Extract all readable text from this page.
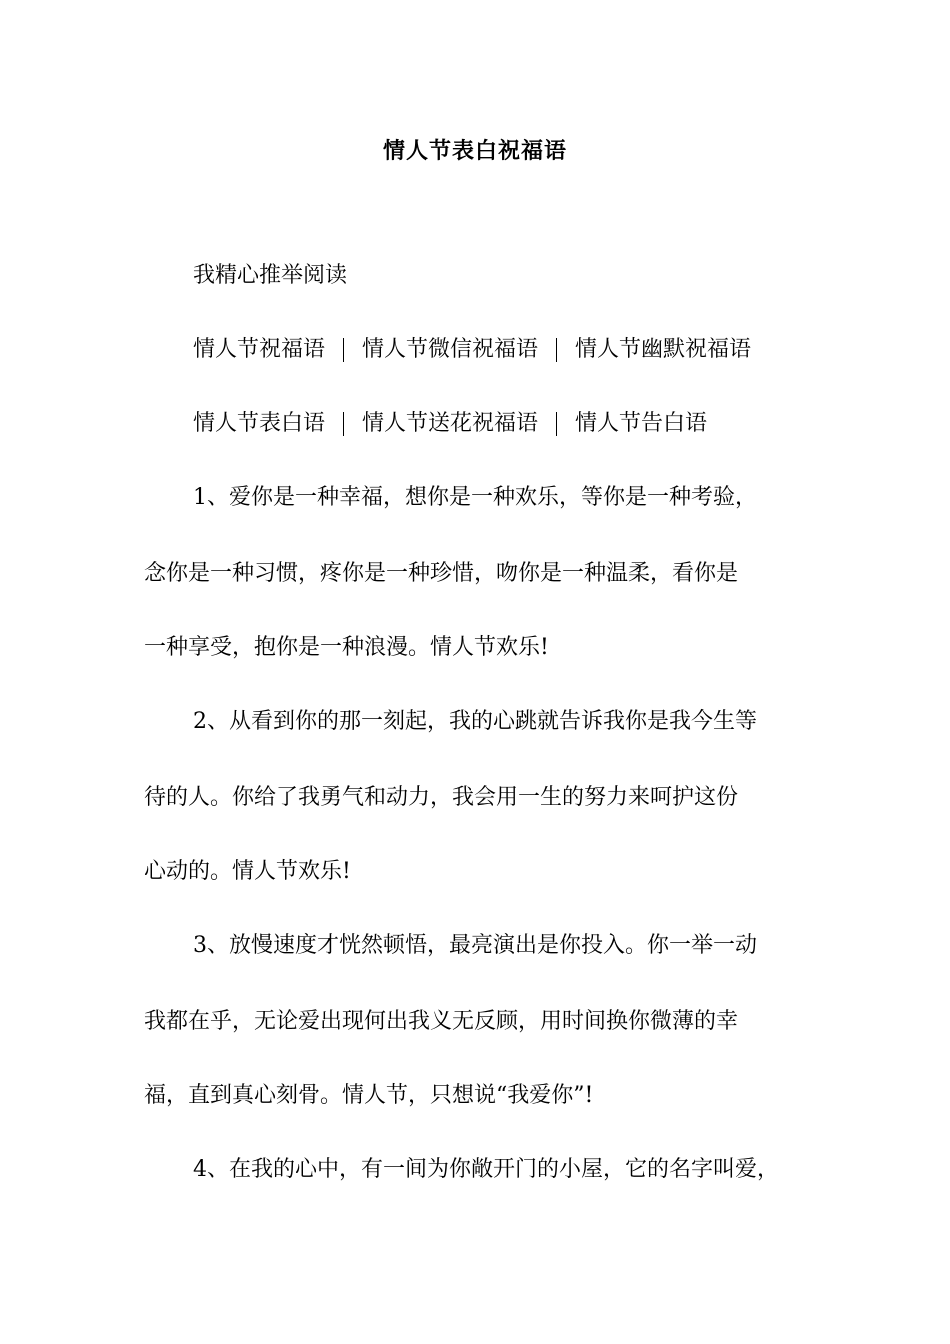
情人节表白祝福语
我精心推举阅读
情人节祝福语 情人节微信祝福语 情人节幽默祝福语
情人节表白语 情人节送花祝福语 情人节告白语
1、爱你是一种幸福，想你是一种欢乐，等你是一种考验，
念你是一种习惯，疼你是一种珍惜，吻你是一种温柔，看你是
一种享受，抱你是一种浪漫。情人节欢乐!
2、从看到你的那一刻起，我的心跳就告诉我你是我今生等
待的人。你给了我勇气和动力，我会用一生的努力来呵护这份
心动的。情人节欢乐!
3、放慢速度才恍然顿悟，最亮演出是你投入。你一举一动
我都在乎，无论爱出现何出我义无反顾，用时间换你微薄的幸
福，直到真心刻骨。情人节，只想说“我爱你”!
4、在我的心中，有一间为你敞开门的小屋，它的名字叫爱，
